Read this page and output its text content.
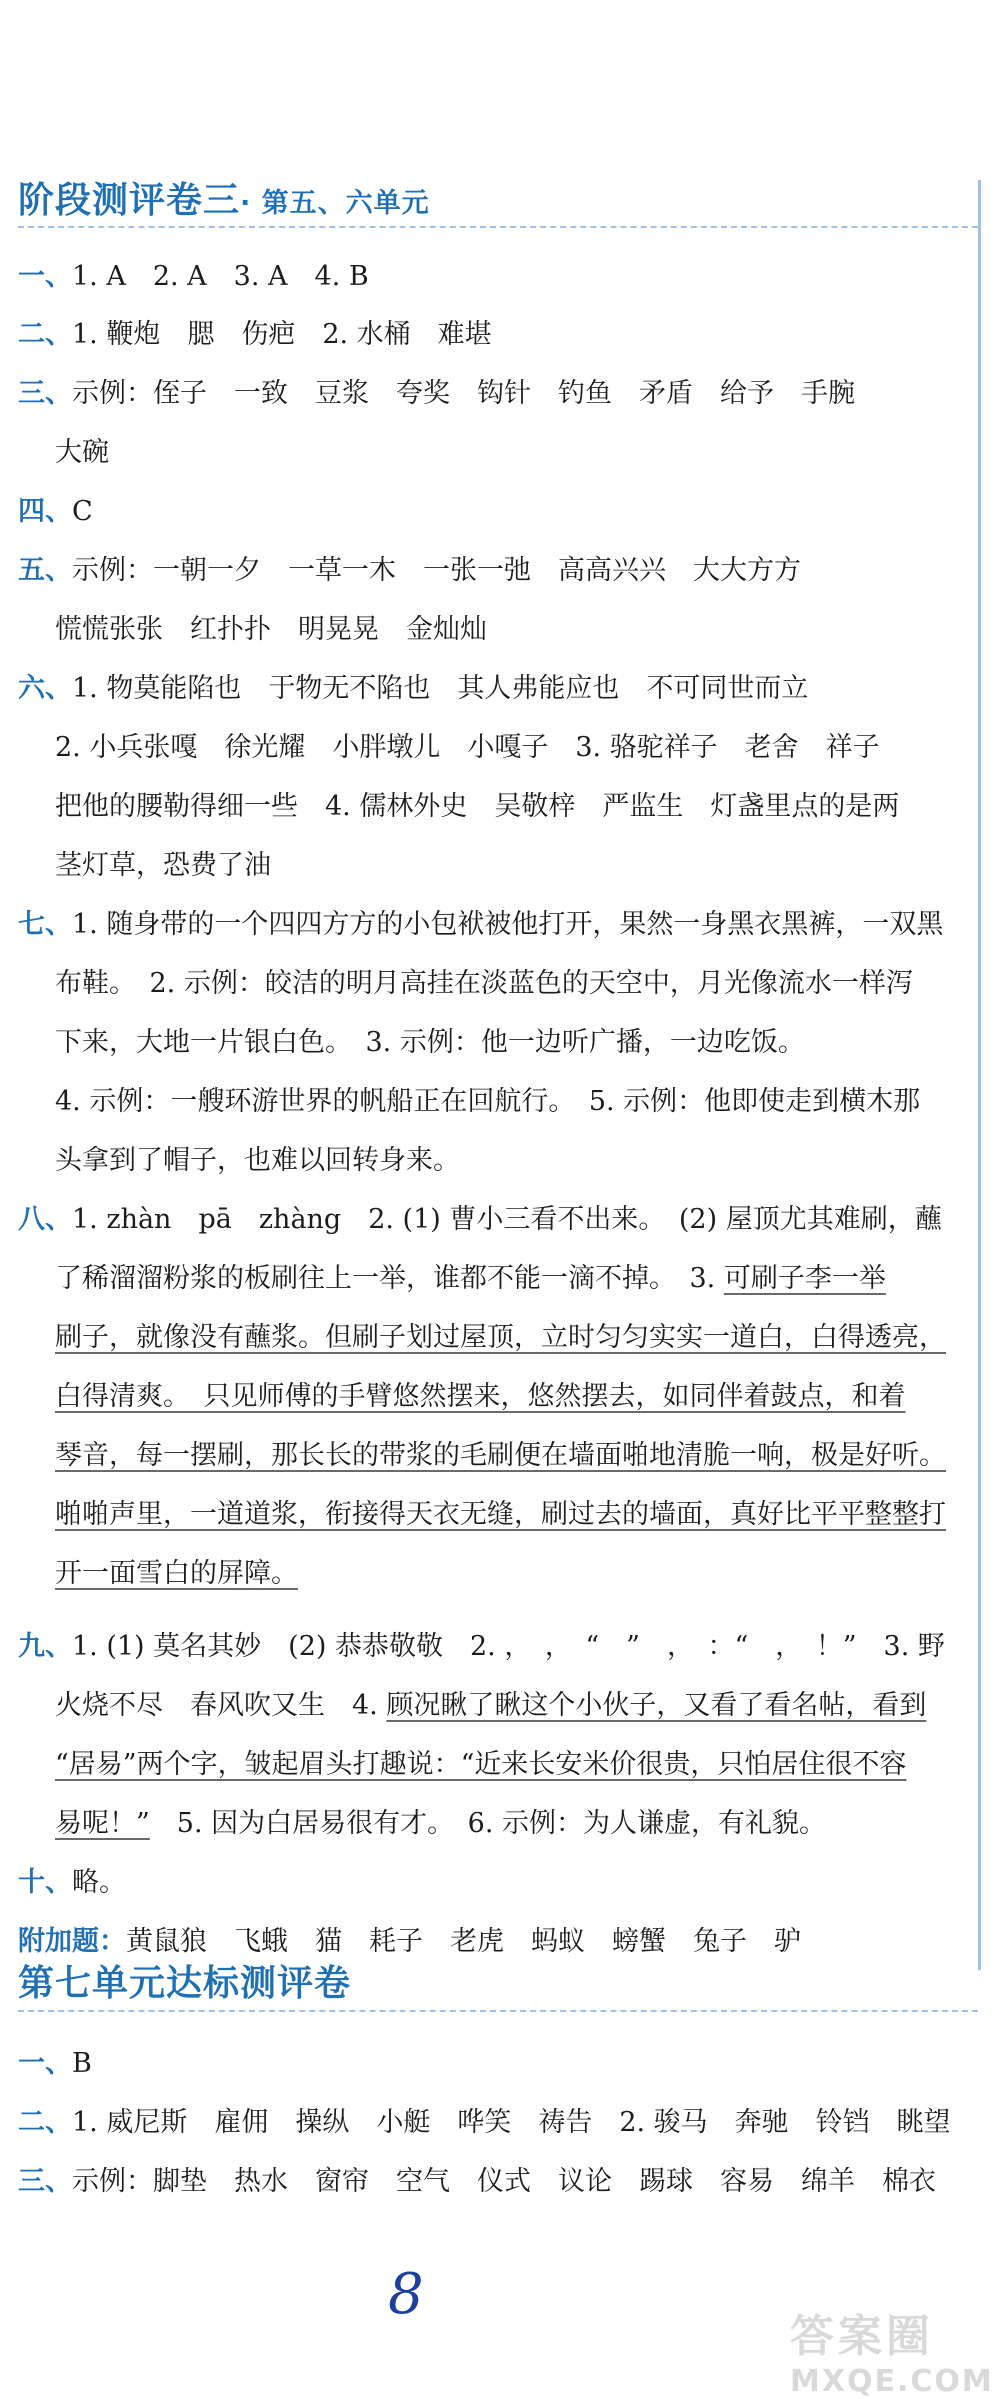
阶段测评卷三· 第五、六单元
一、1. A　2. A　3. A　4. B
二、1. 鞭炮　腮　伤疤　2. 水桶　难堪
三、示例：侄子　一致　豆浆　夸奖　钩针　钓鱼　矛盾　给予　手腕
大碗
四、C
五、示例：一朝一夕　一草一木　一张一弛　高高兴兴　大大方方
慌慌张张　红扑扑　明晃晃　金灿灿
六、1. 物莫能陷也　于物无不陷也　其人弗能应也　不可同世而立
2. 小兵张嘎　徐光耀　小胖墩儿　小嘎子　3. 骆驼祥子　老舍　祥子
把他的腰勒得细一些　4. 儒林外史　吴敬梓　严监生　灯盏里点的是两
茎灯草，恐费了油
七、1. 随身带的一个四四方方的小包袱被他打开，果然一身黑衣黑裤，一双黑
布鞋。　2. 示例：皎洁的明月高挂在淡蓝色的天空中，月光像流水一样泻
下来，大地一片银白色。　3. 示例：他一边听广播，一边吃饭。
4. 示例：一艘环游世界的帆船正在回航行。　5. 示例：他即使走到横木那
头拿到了帽子，也难以回转身来。
八、1. zhàn　pā　zhàng　2. (1) 曹小三看不出来。　(2) 屋顶尤其难刷，蘸
了稀溜溜粉浆的板刷往上一举，谁都不能一滴不掉。　3. 可刷子李一举
刷子，就像没有蘸浆。但刷子划过屋顶，立时匀匀实实一道白，白得透亮，
白得清爽。　只见师傅的手臂悠然摆来，悠然摆去，如同伴着鼓点，和着
琴音，每一摆刷，那长长的带浆的毛刷便在墙面啪地清脆一响，极是好听。
啪啪声里，一道道浆，衔接得天衣无缝，刷过去的墙面，真好比平平整整打
开一面雪白的屏障。
九、1. (1) 莫名其妙　(2) 恭恭敬敬　2. ，　，　“　”　，　：“　，　！”　3. 野
火烧不尽　春风吹又生　4. 顾况瞅了瞅这个小伙子，又看了看名帖，看到
“居易”两个字，皱起眉头打趣说：“近来长安米价很贵，只怕居住很不容
易呢！”　5. 因为白居易很有才。　6. 示例：为人谦虚，有礼貌。
十、略。
附加题：黄鼠狼　飞蛾　猫　耗子　老虎　蚂蚁　螃蟹　兔子　驴
第七单元达标测评卷
一、B
二、1. 威尼斯　雇佣　操纵　小艇　哗笑　祷告　2. 骏马　奔驰　铃铛　眺望
三、示例：脚垫　热水　窗帘　空气　仪式　议论　踢球　容易　绵羊　棉衣
8
答案圈
MXQE.COM
